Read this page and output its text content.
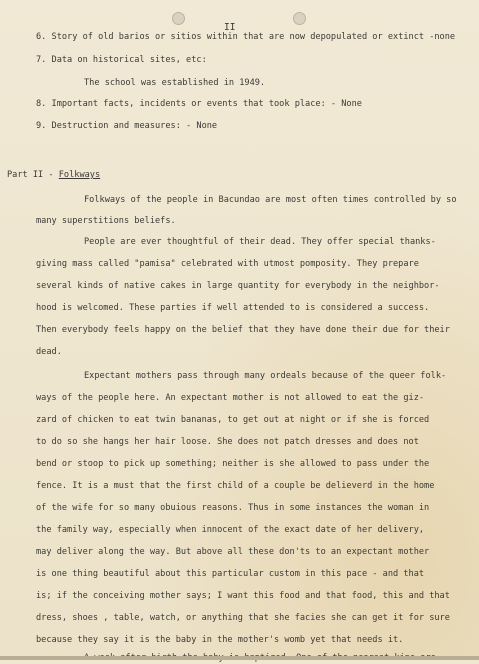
II
6. Story of old barios or sitios within that are now depopulated or extinct -none
7. Data on historical sites, etc:
The school was established in 1949.
8. Important facts, incidents or events that took place: - None
9. Destruction and measures: - None
Part II - Folkways
Folkways of the people in Bacundao are most often times controlled by so
many superstitions beliefs.
People are ever thoughtful of their dead. They offer special thanks-
giving mass called "pamisa" celebrated with utmost pomposity. They prepare
several kinds of native cakes in large quantity for everybody in the neighbor-
hood is welcomed. These parties if well attended to is considered a success.
Then everybody feels happy on the belief that they have done their due for their
dead.
Expectant mothers pass through many ordeals because of the queer folk-
ways of the people here. An expectant mother is not allowed to eat the giz-
zard of chicken to eat twin bananas, to get out at night or if she is forced
to do so she hangs her hair loose. She does not patch dresses and does not
bend or stoop to pick up something; neither is she allowed to pass under the
fence. It is a must that the first child of a couple be delieverd in the home
of the wife for so many obuious reasons. Thus in some instances the woman in
the family way, especially when innocent of the exact date of her delivery,
may deliver along the way. But above all these don'ts to an expectant mother
is one thing beautiful about this particular custom in this pace - and that
is; if the conceiving mother says; I want this food and that food, this and that
dress, shoes , table, watch, or anything that she facies she can get it for sure
because they say it is the baby in the mother's womb yet that needs it.
